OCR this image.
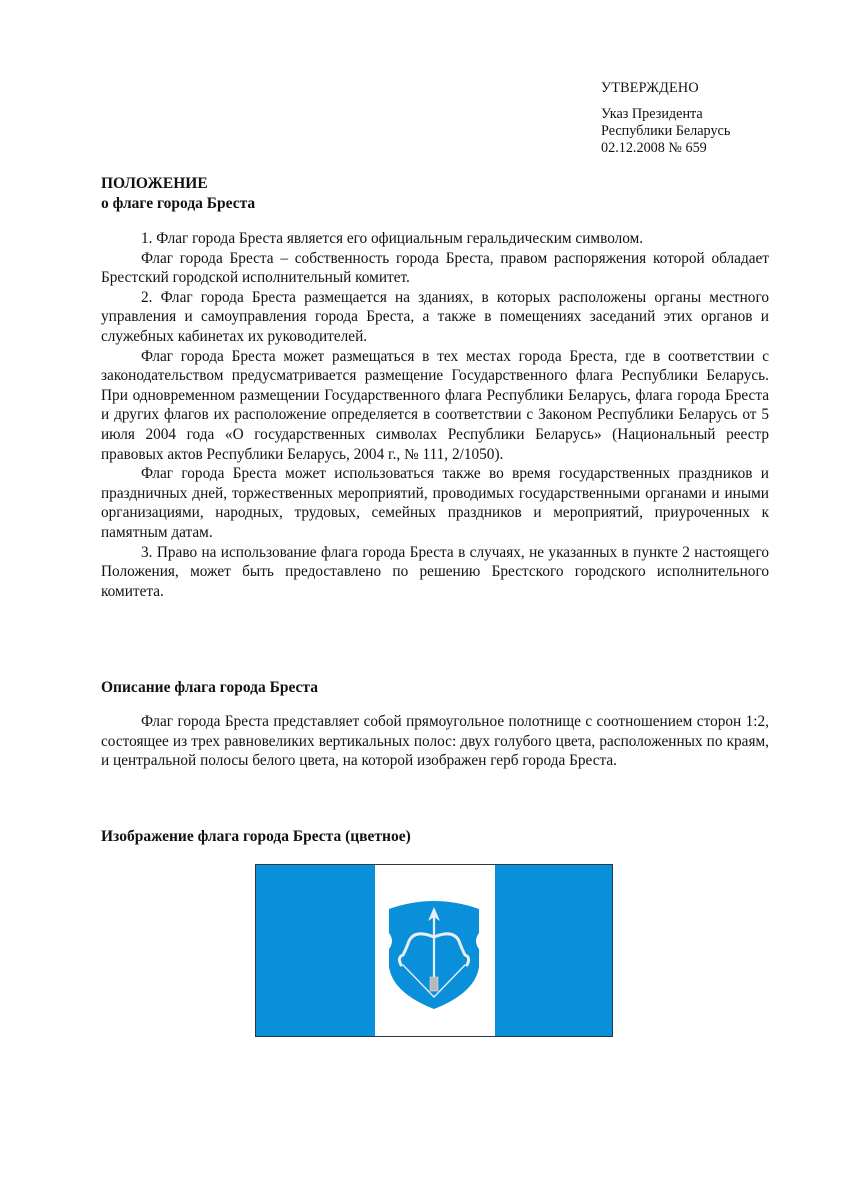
УТВЕРЖДЕНО
Указ Президента
Республики Беларусь
02.12.2008 № 659
ПОЛОЖЕНИЕ
о флаге города Бреста

1. Флаг города Бреста является его официальным геральдическим символом.

Флаг города Бреста – собственность города Бреста, правом распоряжения которой обладает Брестский городской исполнительный комитет.

2. Флаг города Бреста размещается на зданиях, в которых расположены органы местного управления и самоуправления города Бреста, а также в помещениях заседаний этих органов и служебных кабинетах их руководителей.

Флаг города Бреста может размещаться в тех местах города Бреста, где в соответствии с законодательством предусматривается размещение Государственного флага Республики Беларусь. При одновременном размещении Государственного флага Республики Беларусь, флага города Бреста и других флагов их расположение определяется в соответствии с Законом Республики Беларусь от 5 июля 2004 года «О государственных символах Республики Беларусь» (Национальный реестр правовых актов Республики Беларусь, 2004 г., № 111, 2/1050).

Флаг города Бреста может использоваться также во время государственных праздников и праздничных дней, торжественных мероприятий, проводимых государственными органами и иными организациями, народных, трудовых, семейных праздников и мероприятий, приуроченных к памятным датам.

3. Право на использование флага города Бреста в случаях, не указанных в пункте 2 настоящего Положения, может быть предоставлено по решению Брестского городского исполнительного комитета.

Описание флага города Бреста

Флаг города Бреста представляет собой прямоугольное полотнище с соотношением сторон 1:2, состоящее из трех равновеликих вертикальных полос: двух голубого цвета, расположенных по краям, и центральной полосы белого цвета, на которой изображен герб города Бреста.

Изображение флага города Бреста (цветное)
